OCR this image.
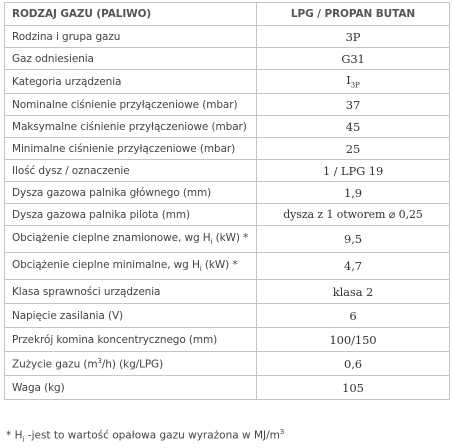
RODZAJ GAZU (PALIWO)	LPG / PROPAN BUTAN
Rodzina i grupa gazu	3P
Gaz odniesienia	G31
Kategoria urządzenia	$I_{3P}$
Nominalne ciśnienie przyłączeniowe (mbar)	37
Maksymalne ciśnienie przyłączeniowe (mbar)	45
Minimalne ciśnienie przyłączeniowe (mbar)	25
Ilość dysz / oznaczenie	1 / LPG 19
Dysza gazowa palnika głównego (mm)	1,9
Dysza gazowa palnika pilota (mm)	dysza z 1 otworem ⌀ 0,25
Obciążenie cieplne znamionowe, wg $H_i$ (kW) *	9,5
Obciążenie cieplne minimalne, wg $H_i$ (kW) *	4,7
Klasa sprawności urządzenia	klasa 2
Napięcie zasilania (V)	6
Przekrój komina koncentrycznego (mm)	100/150
Zużycie gazu $(m^3/h)$ (kg/LPG)	0,6
Waga (kg)	105
* $H_i$ -jest to wartość opałowa gazu wyrażona w $MJ/m^3$
